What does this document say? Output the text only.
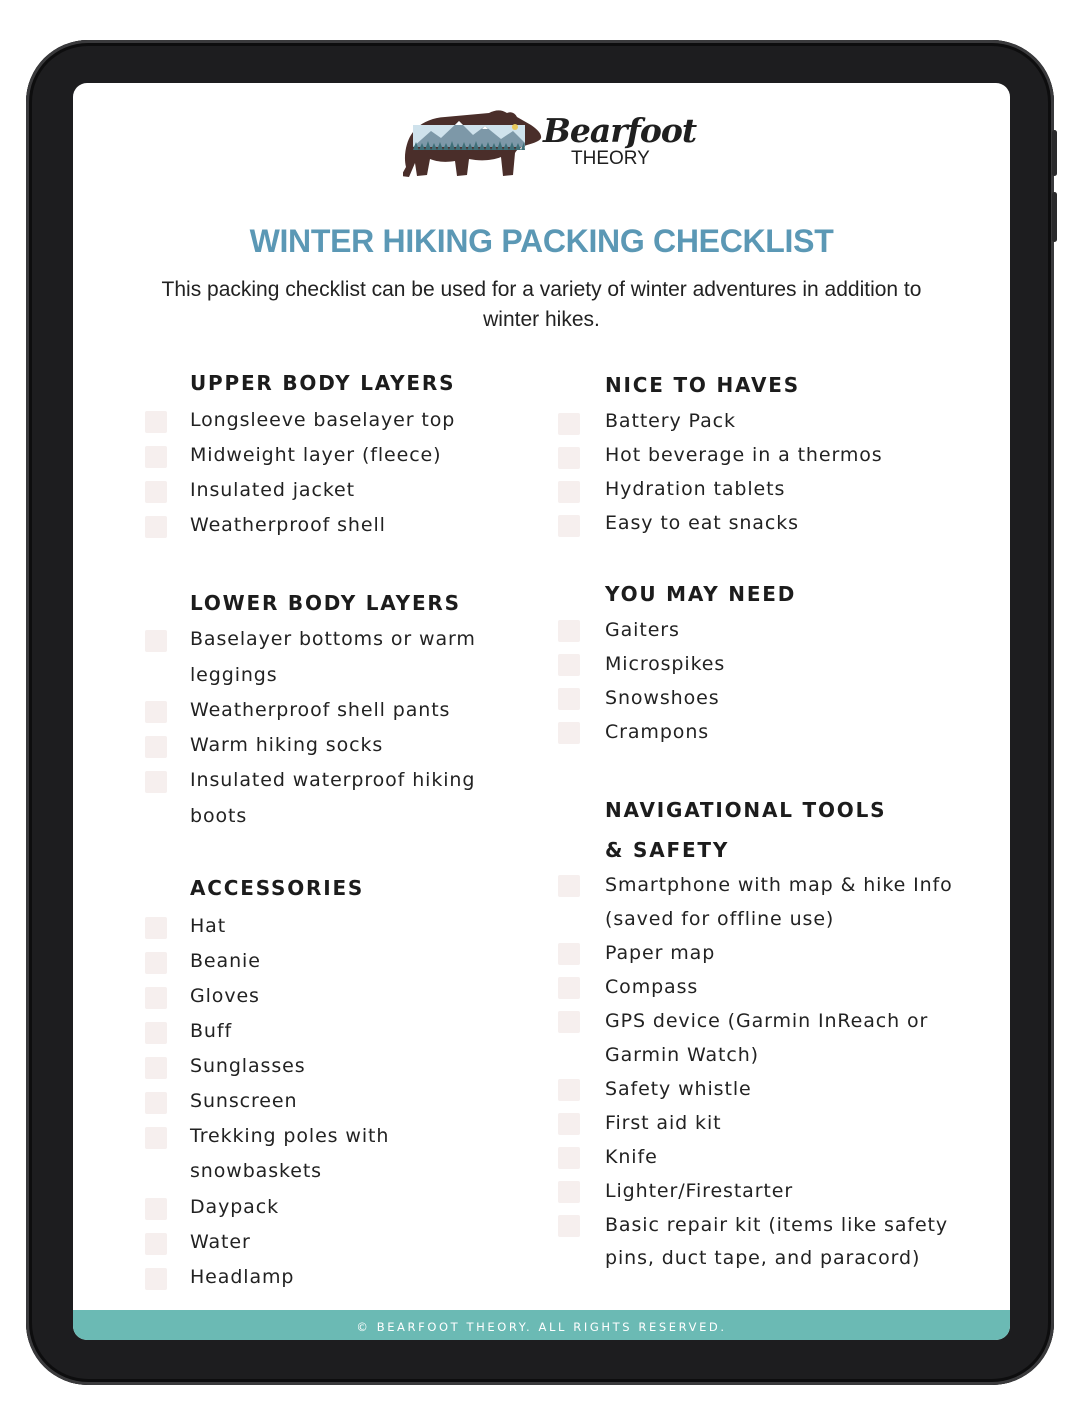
Bearfoot
THEORY
WINTER HIKING PACKING CHECKLIST

This packing checklist can be used for a variety of winter adventures in addition to winter hikes.

UPPER BODY LAYERS

Longsleeve baselayer top

Midweight layer (fleece)

Insulated jacket

Weatherproof shell

LOWER BODY LAYERS

Baselayer bottoms or warm

leggings

Weatherproof shell pants

Warm hiking socks

Insulated waterproof hiking

boots

ACCESSORIES

Hat

Beanie

Gloves

Buff

Sunglasses

Sunscreen

Trekking poles with

snowbaskets

Daypack

Water

Headlamp

NICE TO HAVES

Battery Pack

Hot beverage in a thermos

Hydration tablets

Easy to eat snacks

YOU MAY NEED

Gaiters

Microspikes

Snowshoes

Crampons

NAVIGATIONAL TOOLS
& SAFETY

Smartphone with map & hike Info

(saved for offline use)

Paper map

Compass

GPS device (Garmin InReach or

Garmin Watch)

Safety whistle

First aid kit

Knife

Lighter/Firestarter

Basic repair kit (items like safety

pins, duct tape, and paracord)

© BEARFOOT THEORY. ALL RIGHTS RESERVED.
